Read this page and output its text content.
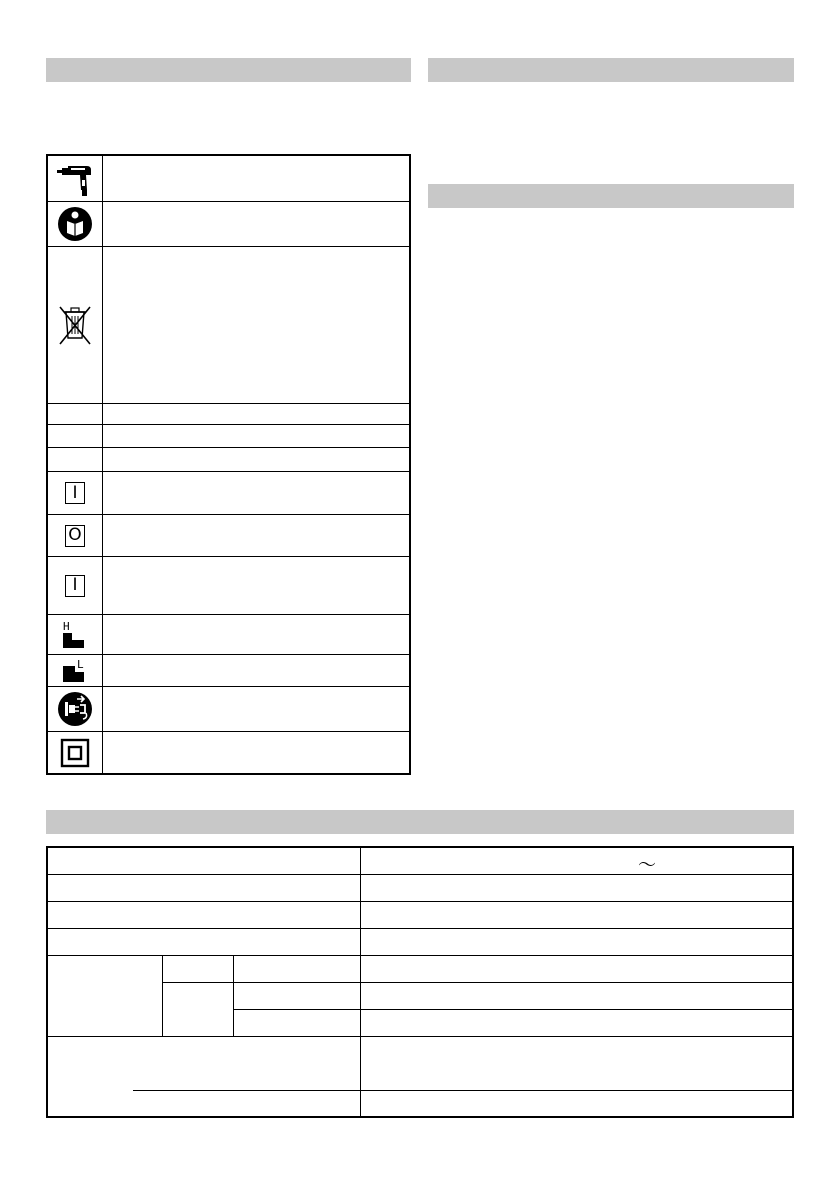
I
O
I
H
L
～
